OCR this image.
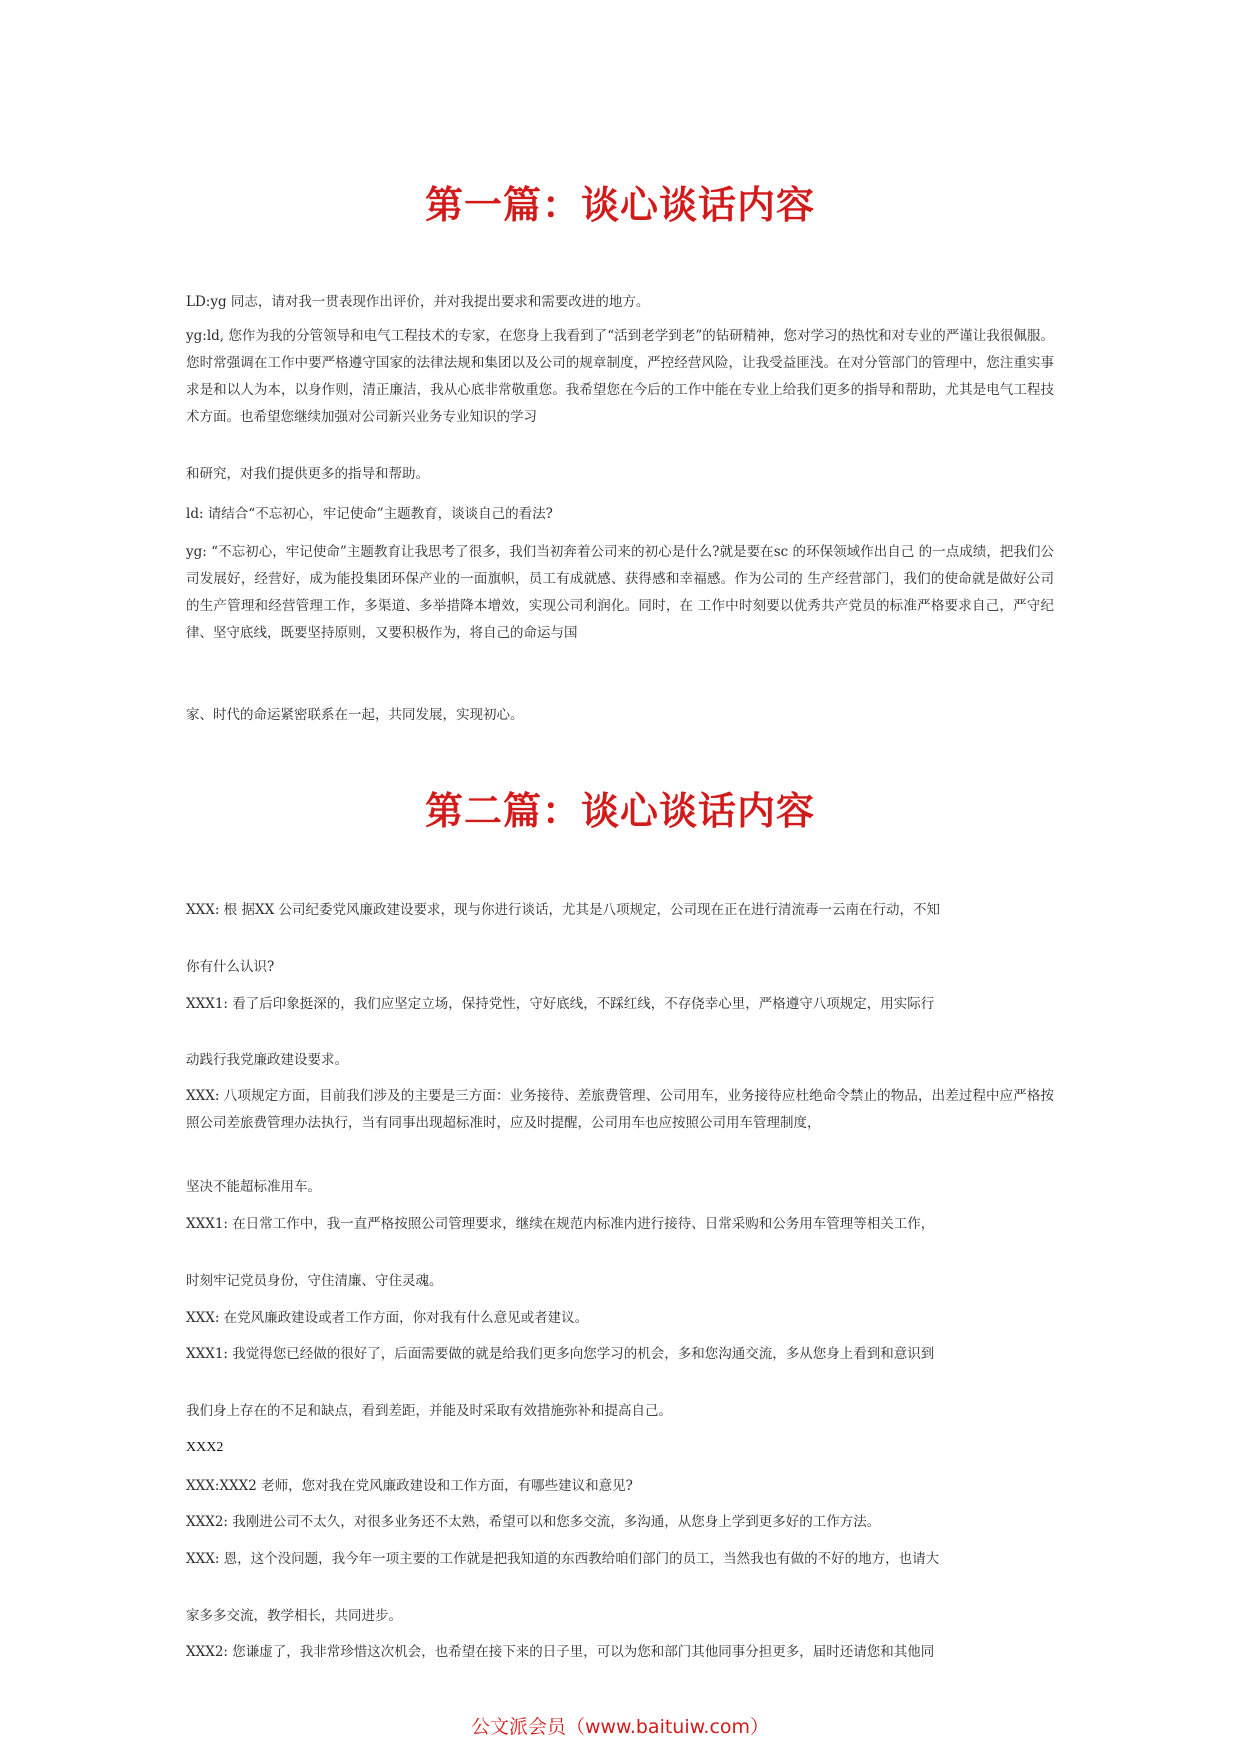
第一篇：谈心谈话内容

LD:yg 同志，请对我一贯表现作出评价，并对我提出要求和需要改进的地方。

yg:ld, 您作为我的分管领导和电气工程技术的专家，在您身上我看到了“活到老学到老”的钻研精神，您对学习的热忱和对专业的严谨让我很佩服。您时常强调在工作中要严格遵守国家的法律法规和集团以及公司的规章制度，严控经营风险，让我受益匪浅。在对分管部门的管理中，您注重实事求是和以人为本，以身作则，清正廉洁，我从心底非常敬重您。我希望您在今后的工作中能在专业上给我们更多的指导和帮助，尤其是电气工程技术方面。也希望您继续加强对公司新兴业务专业知识的学习

和研究，对我们提供更多的指导和帮助。

ld: 请结合“不忘初心，牢记使命”主题教育，谈谈自己的看法?

yg: “不忘初心，牢记使命”主题教育让我思考了很多，我们当初奔着公司来的初心是什么?就是要在sc 的环保领域作出自己 的一点成绩，把我们公司发展好，经营好，成为能投集团环保产业的一面旗帜，员工有成就感、获得感和幸福感。作为公司的 生产经营部门，我们的使命就是做好公司的生产管理和经营管理工作，多渠道、多举措降本增效，实现公司利润化。同时，在 工作中时刻要以优秀共产党员的标准严格要求自己，严守纪律、坚守底线，既要坚持原则，又要积极作为，将自己的命运与国

家、时代的命运紧密联系在一起，共同发展，实现初心。

第二篇：谈心谈话内容

XXX: 根 据XX 公司纪委党风廉政建设要求，现与你进行谈话，尤其是八项规定，公司现在正在进行清流毒一云南在行动，不知

你有什么认识?

XXX1: 看了后印象挺深的，我们应坚定立场，保持党性，守好底线，不踩红线，不存侥幸心里，严格遵守八项规定，用实际行

动践行我党廉政建设要求。

XXX: 八项规定方面，目前我们涉及的主要是三方面：业务接待、差旅费管理、公司用车，业务接待应杜绝命令禁止的物品，出差过程中应严格按照公司差旅费管理办法执行，当有同事出现超标准时，应及时提醒，公司用车也应按照公司用车管理制度，

坚决不能超标准用车。

XXX1: 在日常工作中，我一直严格按照公司管理要求，继续在规范内标准内进行接待、日常采购和公务用车管理等相关工作，

时刻牢记党员身份，守住清廉、守住灵魂。

XXX: 在党风廉政建设或者工作方面，你对我有什么意见或者建议。

XXX1: 我觉得您已经做的很好了，后面需要做的就是给我们更多向您学习的机会，多和您沟通交流，多从您身上看到和意识到

我们身上存在的不足和缺点，看到差距，并能及时采取有效措施弥补和提高自己。

XXX2

XXX:XXX2 老师，您对我在党风廉政建设和工作方面，有哪些建议和意见?

XXX2: 我刚进公司不太久，对很多业务还不太熟，希望可以和您多交流，多沟通，从您身上学到更多好的工作方法。

XXX: 恩，这个没问题，我今年一项主要的工作就是把我知道的东西教给咱们部门的员工，当然我也有做的不好的地方，也请大

家多多交流，教学相长，共同进步。

XXX2: 您谦虚了，我非常珍惜这次机会，也希望在接下来的日子里，可以为您和部门其他同事分担更多，届时还请您和其他同

公文派会员（www.baituiw.com）
